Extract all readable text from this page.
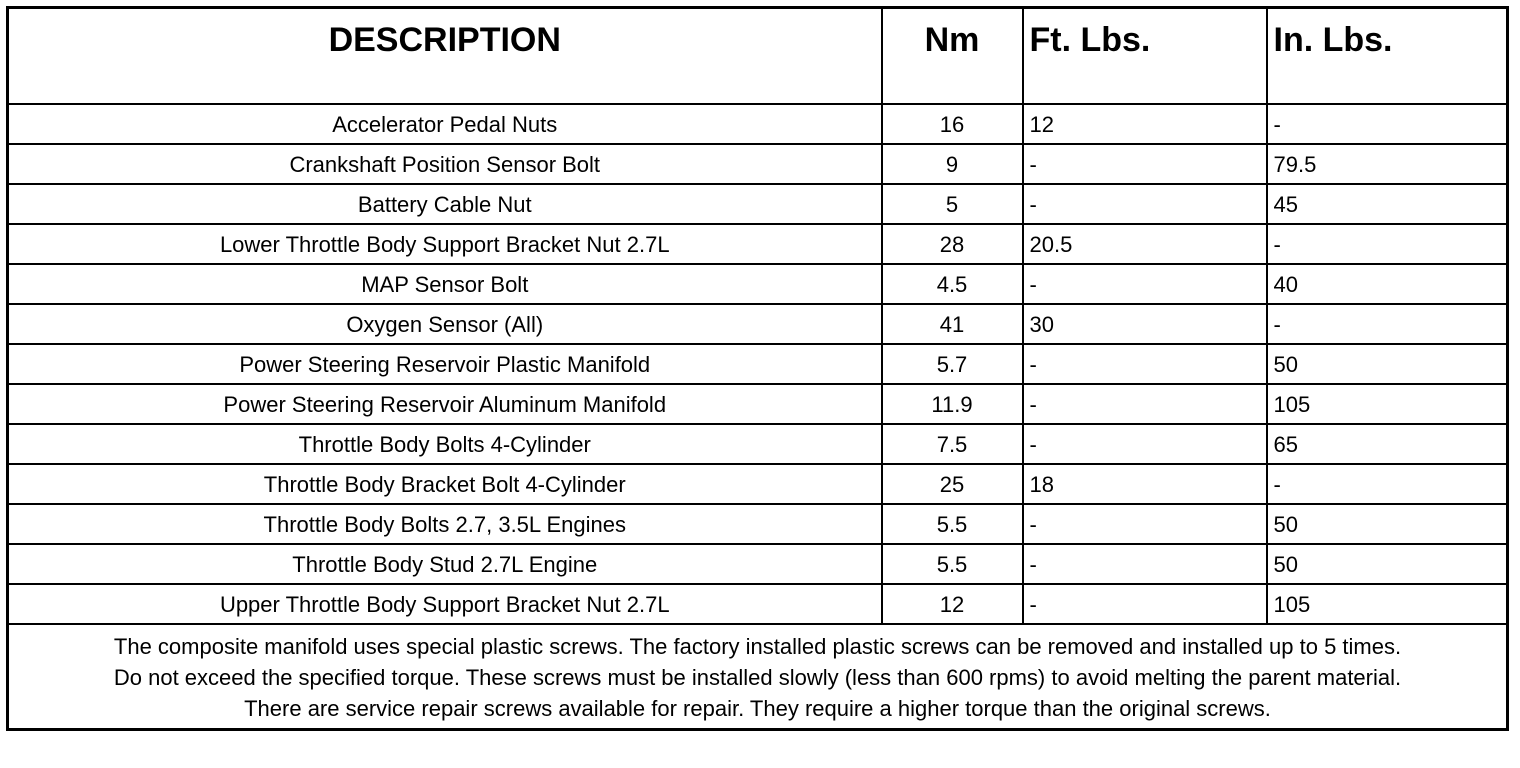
DESCRIPTION	Nm	Ft. Lbs.	In. Lbs.
Accelerator Pedal Nuts	16	12	-
Crankshaft Position Sensor Bolt	9	-	79.5
Battery Cable Nut	5	-	45
Lower Throttle Body Support Bracket Nut 2.7L	28	20.5	-
MAP Sensor Bolt	4.5	-	40
Oxygen Sensor (All)	41	30	-
Power Steering Reservoir Plastic Manifold	5.7	-	50
Power Steering Reservoir Aluminum Manifold	11.9	-	105
Throttle Body Bolts 4-Cylinder	7.5	-	65
Throttle Body Bracket Bolt 4-Cylinder	25	18	-
Throttle Body Bolts 2.7, 3.5L Engines	5.5	-	50
Throttle Body Stud 2.7L Engine	5.5	-	50
Upper Throttle Body Support Bracket Nut 2.7L	12	-	105

The composite manifold uses special plastic screws. The factory installed plastic screws can be removed and installed up to 5 times.
Do not exceed the specified torque. These screws must be installed slowly (less than 600 rpms) to avoid melting the parent material.
There are service repair screws available for repair. They require a higher torque than the original screws.			
